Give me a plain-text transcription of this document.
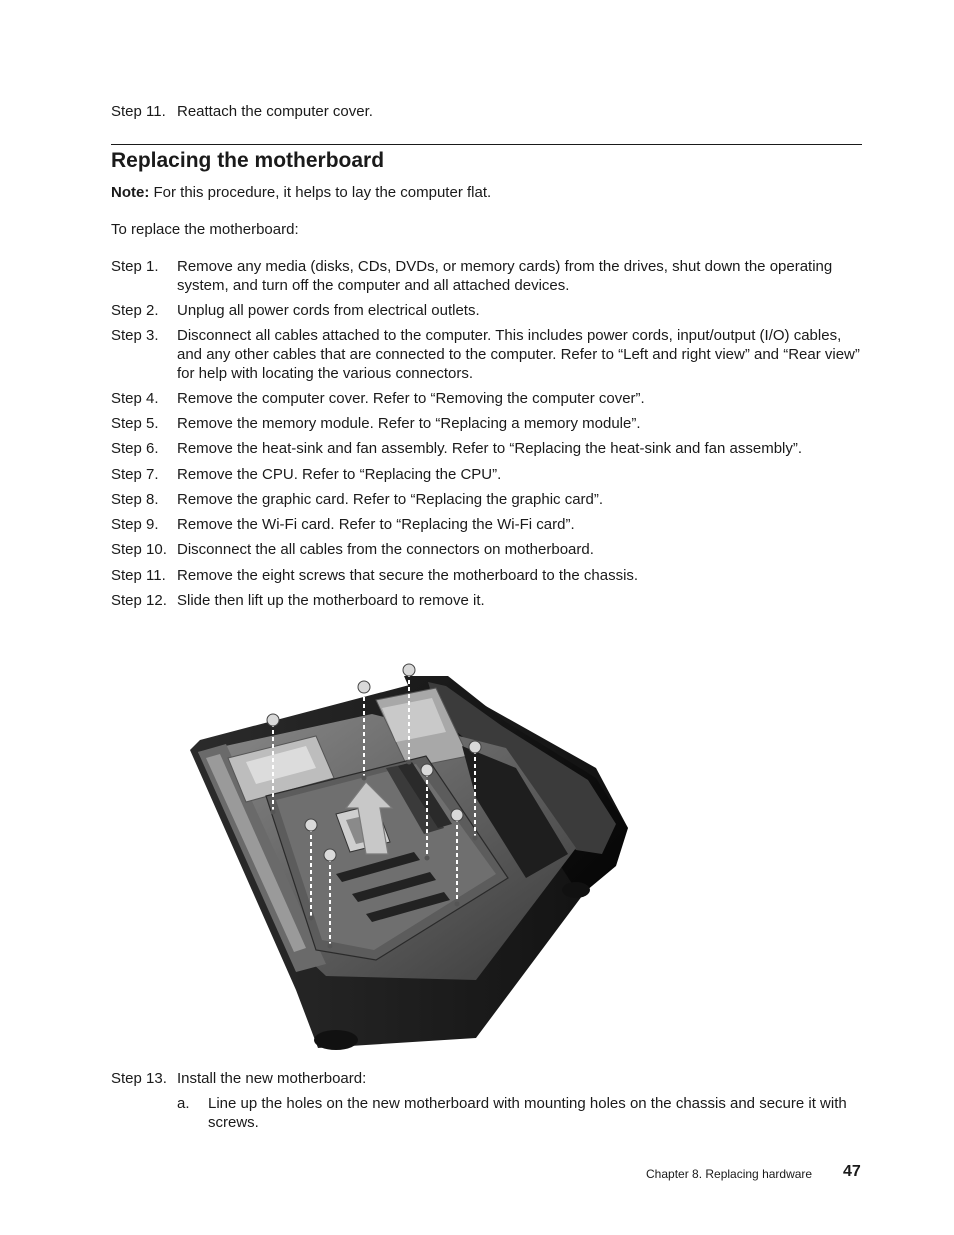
Step 11. Reattach the computer cover.
Replacing the motherboard
Note: For this procedure, it helps to lay the computer flat.
To replace the motherboard:
Step 1. Remove any media (disks, CDs, DVDs, or memory cards) from the drives, shut down the operating system, and turn off the computer and all attached devices.
Step 2. Unplug all power cords from electrical outlets.
Step 3. Disconnect all cables attached to the computer. This includes power cords, input/output (I/O) cables, and any other cables that are connected to the computer. Refer to “Left and right view” and “Rear view” for help with locating the various connectors.
Step 4. Remove the computer cover. Refer to “Removing the computer cover”.
Step 5. Remove the memory module. Refer to “Replacing a memory module”.
Step 6. Remove the heat-sink and fan assembly. Refer to “Replacing the heat-sink and fan assembly”.
Step 7. Remove the CPU. Refer to “Replacing the CPU”.
Step 8. Remove the graphic card. Refer to “Replacing the graphic card”.
Step 9. Remove the Wi-Fi card. Refer to “Replacing the Wi-Fi card”.
Step 10. Disconnect the all cables from the connectors on motherboard.
Step 11. Remove the eight screws that secure the motherboard to the chassis.
Step 12. Slide then lift up the motherboard to remove it.
Step 13. Install the new motherboard:
a. Line up the holes on the new motherboard with mounting holes on the chassis and secure it with screws.
Chapter 8. Replacing hardware 47
